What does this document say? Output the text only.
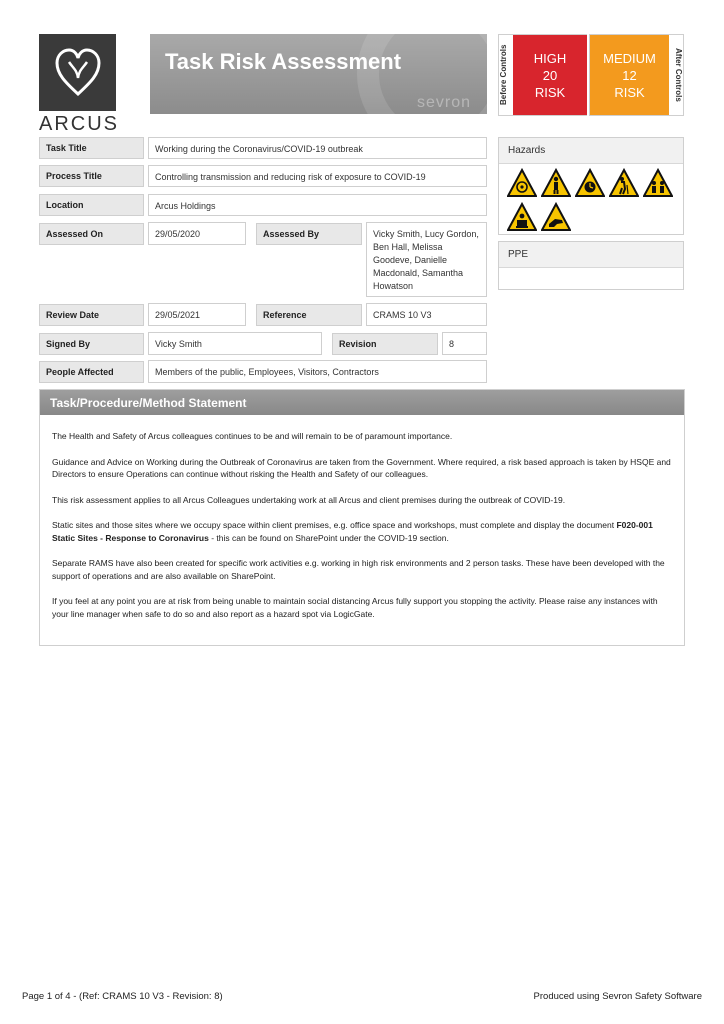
ARCUS
Task Risk Assessment
sevron	Before Controls	HIGH
20
RISK
MEDIUM
12
RISK	After Controls
Task Title	Working during the Coronavirus/COVID-19 outbreak
Process Title	Controlling transmission and reducing risk of exposure to COVID-19
Location	Arcus Holdings
Assessed On	29/05/2020	Assessed By	Vicky Smith, Lucy Gordon, Ben Hall, Melissa Goodeve, Danielle Macdonald, Samantha Howatson
Review Date	29/05/2021	Reference	CRAMS 10 V3
Signed By	Vicky Smith	Revision	8
People Affected	Members of the public, Employees, Visitors, Contractors
Hazards
PPE
Task/Procedure/Method Statement

The Health and Safety of Arcus colleagues continues to be and will remain to be of paramount importance.

Guidance and Advice on Working during the Outbreak of Coronavirus are taken from the Government. Where required, a risk based approach is taken by HSQE and Directors to ensure Operations can continue without risking the Health and Safety of our colleagues.

This risk assessment applies to all Arcus Colleagues undertaking work at all Arcus and client premises during the outbreak of COVID-19.

Static sites and those sites where we occupy space within client premises, e.g. office space and workshops, must complete and display the document F020-001 Static Sites - Response to Coronavirus - this can be found on SharePoint under the COVID-19 section.

Separate RAMS have also been created for specific work activities e.g. working in high risk environments and 2 person tasks. These have been developed with the support of operations and are also available on SharePoint.

If you feel at any point you are at risk from being unable to maintain social distancing Arcus fully support you stopping the activity. Please raise any instances with your line manager when safe to do so and also report as a hazard spot via LogicGate.

Page 1 of 4 - (Ref: CRAMS 10 V3 - Revision: 8)	Produced using Sevron Safety Software
